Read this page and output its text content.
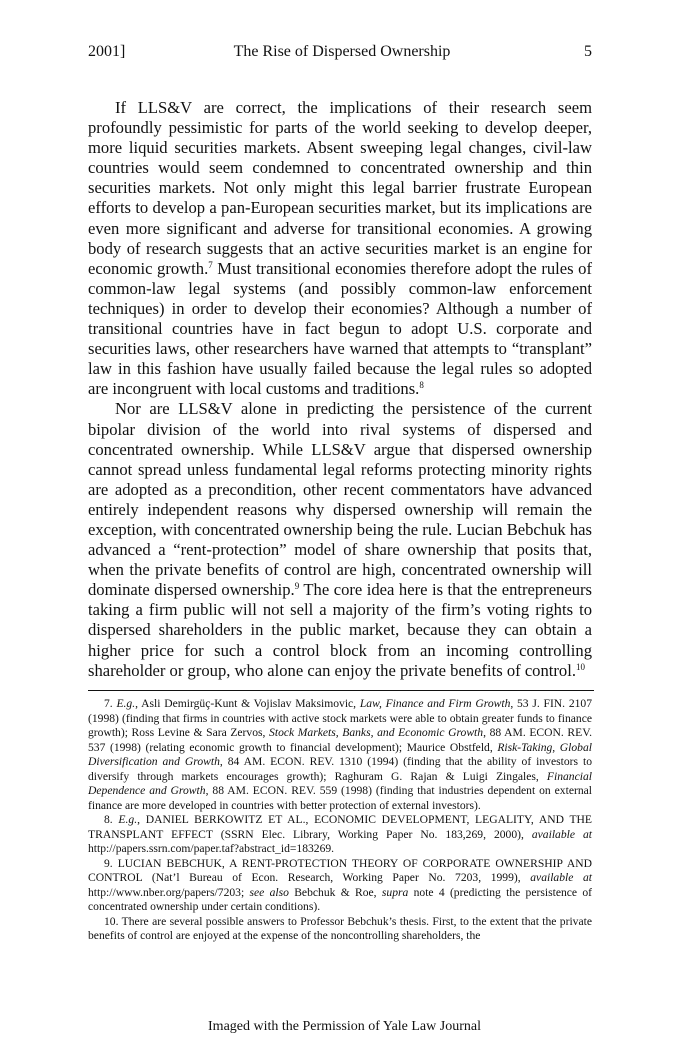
2001]	The Rise of Dispersed Ownership	5

If LLS&V are correct, the implications of their research seem profoundly pessimistic for parts of the world seeking to develop deeper, more liquid securities markets. Absent sweeping legal changes, civil-law countries would seem condemned to concentrated ownership and thin securities markets. Not only might this legal barrier frustrate European efforts to develop a pan-European securities market, but its implications are even more significant and adverse for transitional economies. A growing body of research suggests that an active securities market is an engine for economic growth.$^7$ Must transitional economies therefore adopt the rules of common-law legal systems (and possibly common-law enforcement techniques) in order to develop their economies? Although a number of transitional countries have in fact begun to adopt U.S. corporate and securities laws, other researchers have warned that attempts to “transplant” law in this fashion have usually failed because the legal rules so adopted are incongruent with local customs and traditions.$^8$

Nor are LLS&V alone in predicting the persistence of the current bipolar division of the world into rival systems of dispersed and concentrated ownership. While LLS&V argue that dispersed ownership cannot spread unless fundamental legal reforms protecting minority rights are adopted as a precondition, other recent commentators have advanced entirely independent reasons why dispersed ownership will remain the exception, with concentrated ownership being the rule. Lucian Bebchuk has advanced a “rent-protection” model of share ownership that posits that, when the private benefits of control are high, concentrated ownership will dominate dispersed ownership.$^9$ The core idea here is that the entrepreneurs taking a firm public will not sell a majority of the firm’s voting rights to dispersed shareholders in the public market, because they can obtain a higher price for such a control block from an incoming controlling shareholder or group, who alone can enjoy the private benefits of control.$^{10}$

7. E.g., Asli Demirgüç-Kunt & Vojislav Maksimovic, Law, Finance and Firm Growth, 53 J. FIN. 2107 (1998) (finding that firms in countries with active stock markets were able to obtain greater funds to finance growth); Ross Levine & Sara Zervos, Stock Markets, Banks, and Economic Growth, 88 AM. ECON. REV. 537 (1998) (relating economic growth to financial development); Maurice Obstfeld, Risk-Taking, Global Diversification and Growth, 84 AM. ECON. REV. 1310 (1994) (finding that the ability of investors to diversify through markets encourages growth); Raghuram G. Rajan & Luigi Zingales, Financial Dependence and Growth, 88 AM. ECON. REV. 559 (1998) (finding that industries dependent on external finance are more developed in countries with better protection of external investors).

8. E.g., DANIEL BERKOWITZ ET AL., ECONOMIC DEVELOPMENT, LEGALITY, AND THE TRANSPLANT EFFECT (SSRN Elec. Library, Working Paper No. 183,269, 2000), available at http://papers.ssrn.com/paper.taf?abstract_id=183269.

9. LUCIAN BEBCHUK, A RENT-PROTECTION THEORY OF CORPORATE OWNERSHIP AND CONTROL (Nat’l Bureau of Econ. Research, Working Paper No. 7203, 1999), available at http://www.nber.org/papers/7203; see also Bebchuk & Roe, supra note 4 (predicting the persistence of concentrated ownership under certain conditions).

10. There are several possible answers to Professor Bebchuk’s thesis. First, to the extent that the private benefits of control are enjoyed at the expense of the noncontrolling shareholders, the

Imaged with the Permission of Yale Law Journal
